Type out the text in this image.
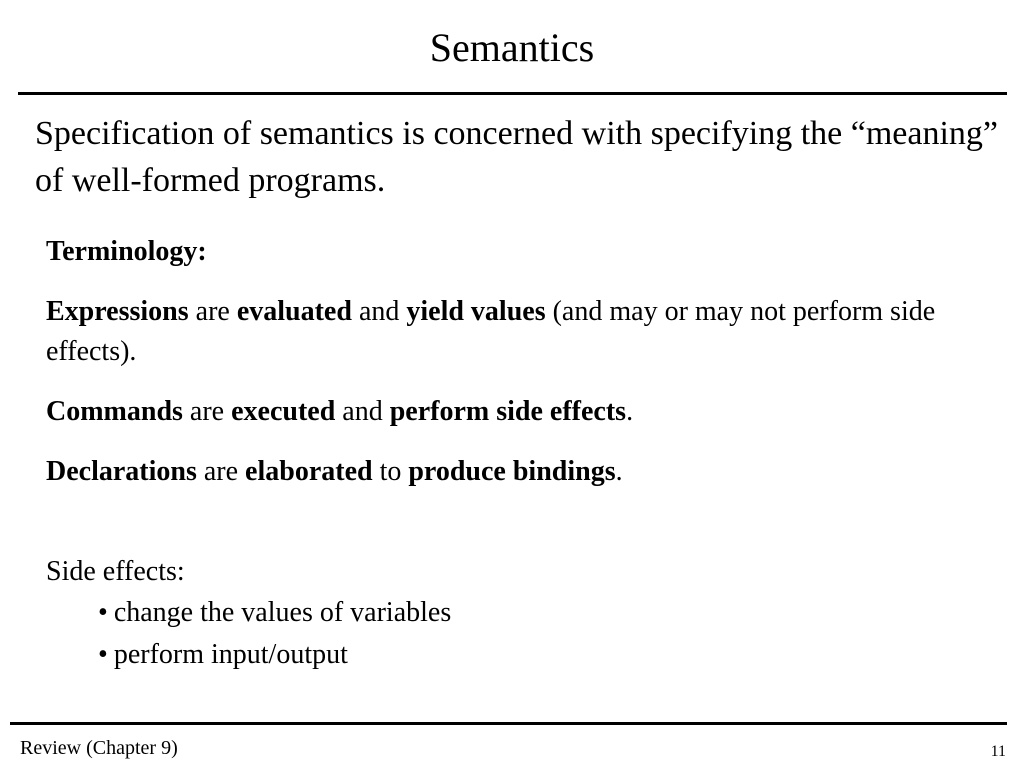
Semantics

Specification of semantics is concerned with specifying the “meaning” of well-formed programs.

Terminology:

Expressions are evaluated and yield values (and may or may not perform side effects).

Commands are executed and perform side effects.

Declarations are elaborated to produce bindings.

Side effects:

• change the values of variables
• perform input/output

Review (Chapter 9)	11
